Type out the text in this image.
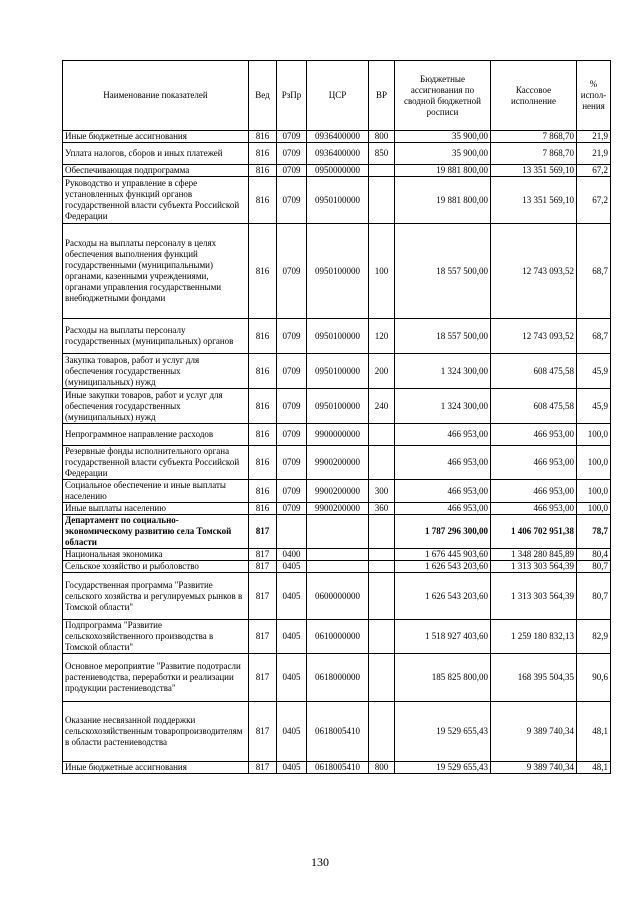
Наименование показателей	Вед	РзПр	ЦСР	ВР	Бюджетные ассигнования по сводной бюджетной росписи	Кассовое исполнение	% испол-нения
Иные бюджетные ассигнования	816	0709	0936400000	800	35 900,00	7 868,70	21,9
Уплата налогов, сборов и иных платежей	816	0709	0936400000	850	35 900,00	7 868,70	21,9
Обеспечивающая подпрограмма	816	0709	0950000000		19 881 800,00	13 351 569,10	67,2
Руководство и управление в сфере установленных функций органов государственной власти субъекта Российской Федерации	816	0709	0950100000		19 881 800,00	13 351 569,10	67,2
Расходы на выплаты персоналу в целях обеспечения выполнения функций государственными (муниципальными) органами, казенными учреждениями, органами управления государственными внебюджетными фондами	816	0709	0950100000	100	18 557 500,00	12 743 093,52	68,7
Расходы на выплаты персоналу государственных (муниципальных) органов	816	0709	0950100000	120	18 557 500,00	12 743 093,52	68,7
Закупка товаров, работ и услуг для обеспечения государственных (муниципальных) нужд	816	0709	0950100000	200	1 324 300,00	608 475,58	45,9
Иные закупки товаров, работ и услуг для обеспечения государственных (муниципальных) нужд	816	0709	0950100000	240	1 324 300,00	608 475,58	45,9
Непрограммное направление расходов	816	0709	9900000000		466 953,00	466 953,00	100,0
Резервные фонды исполнительного органа государственной власти субъекта Российской Федерации	816	0709	9900200000		466 953,00	466 953,00	100,0
Социальное обеспечение и иные выплаты населению	816	0709	9900200000	300	466 953,00	466 953,00	100,0
Иные выплаты населению	816	0709	9900200000	360	466 953,00	466 953,00	100,0
Департамент по социально-экономическому развитию села Томской области	817				1 787 296 300,00	1 406 702 951,38	78,7
Национальная экономика	817	0400			1 676 445 903,60	1 348 280 845,89	80,4
Сельское хозяйство и рыболовство	817	0405			1 626 543 203,60	1 313 303 564,39	80,7
Государственная программа "Развитие сельского хозяйства и регулируемых рынков в Томской области"	817	0405	0600000000		1 626 543 203,60	1 313 303 564,39	80,7
Подпрограмма "Развитие сельскохозяйственного производства в Томской области"	817	0405	0610000000		1 518 927 403,60	1 259 180 832,13	82,9
Основное мероприятие "Развитие подотрасли растениеводства, переработки и реализации продукции растениеводства"	817	0405	0618000000		185 825 800,00	168 395 504,35	90,6
Оказание несвязанной поддержки сельскохозяйственным товаропроизводителям в области растениеводства	817	0405	0618005410		19 529 655,43	9 389 740,34	48,1
Иные бюджетные ассигнования	817	0405	0618005410	800	19 529 655,43	9 389 740,34	48,1
130
